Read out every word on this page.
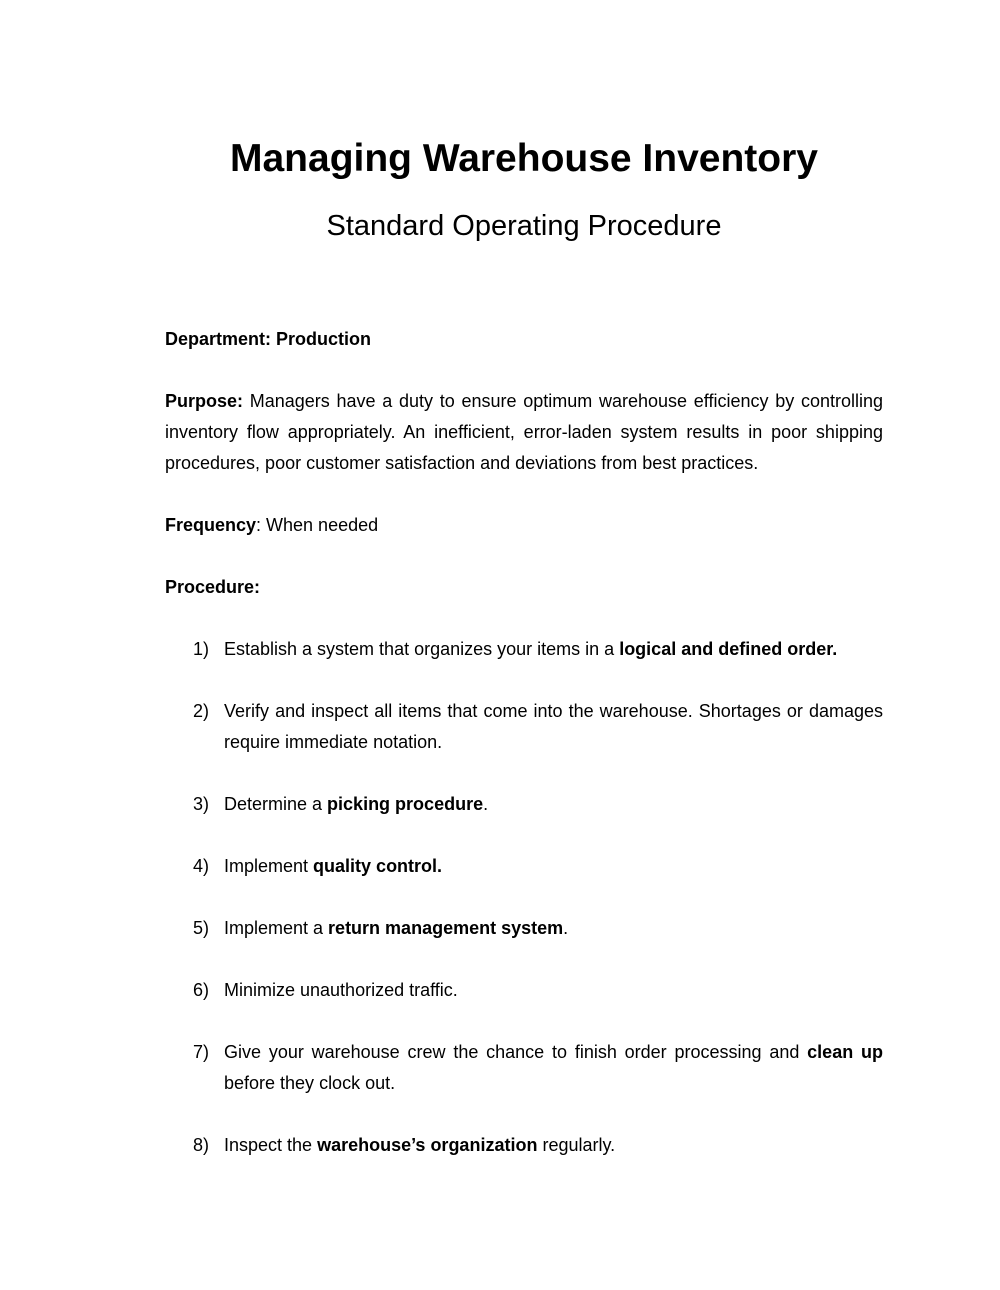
Managing Warehouse Inventory
Standard Operating Procedure

Department: Production

Purpose: Managers have a duty to ensure optimum warehouse efficiency by controlling inventory flow appropriately. An inefficient, error-laden system results in poor shipping procedures, poor customer satisfaction and deviations from best practices.

Frequency: When needed

Procedure:

1) Establish a system that organizes your items in a logical and defined order.
2) Verify and inspect all items that come into the warehouse. Shortages or damages require immediate notation.
3) Determine a picking procedure.
4) Implement quality control.
5) Implement a return management system.
6) Minimize unauthorized traffic.
7) Give your warehouse crew the chance to finish order processing and clean up before they clock out.
8) Inspect the warehouse’s organization regularly.
